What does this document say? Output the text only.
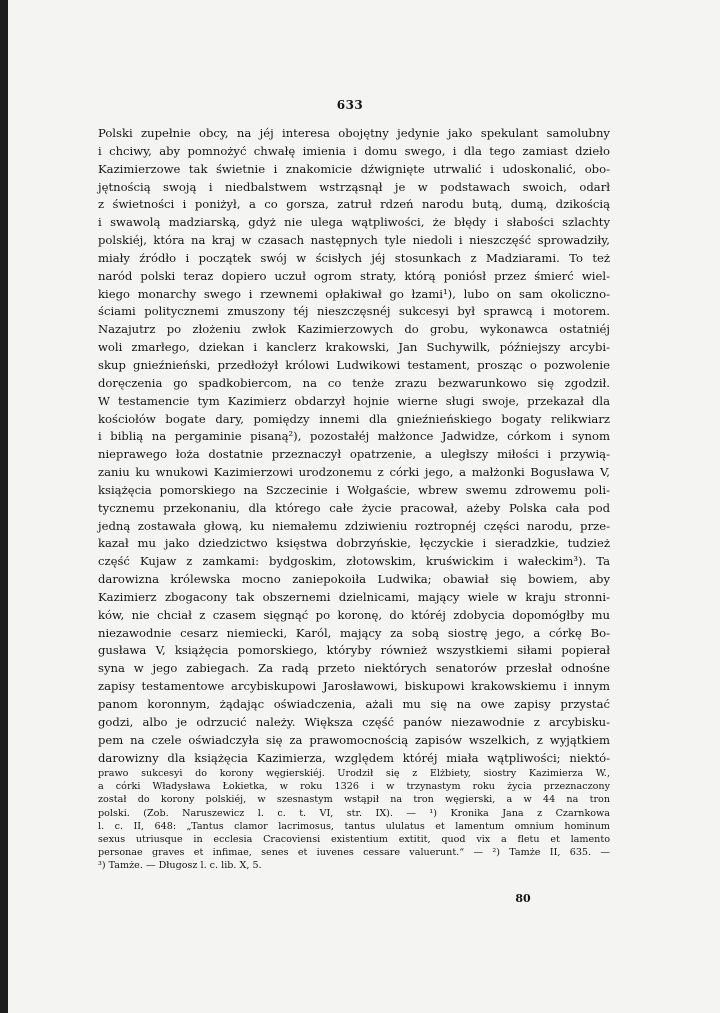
633
Polski zupełnie obcy, na jéj interesa obojętny jedynie jako spekulant samolubny
i chciwy, aby pomnożyć chwałę imienia i domu swego, i dla tego zamiast dzieło
Kazimierzowe tak świetnie i znakomicie dźwignięte utrwalić i udoskonalić, obo-
jętnością swoją i niedbalstwem wstrząsnął je w podstawach swoich, odarł
z świetności i poniżył, a co gorsza, zatruł rdzeń narodu butą, dumą, dzikością
i swawolą madziarską, gdyż nie ulega wątpliwości, że błędy i słabości szlachty
polskiéj, która na kraj w czasach następnych tyle niedoli i nieszczęść sprowadziły,
miały źródło i początek swój w ścisłych jéj stosunkach z Madziarami. To też
naród polski teraz dopiero uczuł ogrom straty, którą poniósł przez śmierć wiel-
kiego monarchy swego i rzewnemi opłakiwał go łzami¹), lubo on sam okoliczno-
ściami politycznemi zmuszony téj nieszczęsnéj sukcesyi był sprawcą i motorem.
Nazajutrz po złożeniu zwłok Kazimierzowych do grobu, wykonawca ostatniéj
woli zmarłego, dziekan i kanclerz krakowski, Jan Suchywilk, późniejszy arcybi-
skup gnieźnieński, przedłożył królowi Ludwikowi testament, prosząc o pozwolenie
doręczenia go spadkobiercom, na co tenże zrazu bezwarunkowo się zgodził.
W testamencie tym Kazimierz obdarzył hojnie wierne sługi swoje, przekazał dla
kościołów bogate dary, pomiędzy innemi dla gnieźnieńskiego bogaty relikwiarz
i biblią na pergaminie pisaną²), pozostałéj małżonce Jadwidze, córkom i synom
nieprawego łoża dostatnie przeznaczył opatrzenie, a uległszy miłości i przywią-
zaniu ku wnukowi Kazimierzowi urodzonemu z córki jego, a małżonki Bogusława V,
książęcia pomorskiego na Szczecinie i Wołgaście, wbrew swemu zdrowemu poli-
tycznemu przekonaniu, dla którego całe życie pracował, ażeby Polska cała pod
jedną zostawała głową, ku niemałemu zdziwieniu roztropnéj części narodu, prze-
kazał mu jako dziedzictwo księstwa dobrzyńskie, łęczyckie i sieradzkie, tudzież
część Kujaw z zamkami: bydgoskim, złotowskim, kruświckim i wałeckim³). Ta
darowizna królewska mocno zaniepokoiła Ludwika; obawiał się bowiem, aby
Kazimierz zbogacony tak obszernemi dzielnicami, mający wiele w kraju stronni-
ków, nie chciał z czasem sięgnąć po koronę, do któréj zdobycia dopomógłby mu
niezawodnie cesarz niemiecki, Karól, mający za sobą siostrę jego, a córkę Bo-
gusława V, książęcia pomorskiego, któryby również wszystkiemi siłami popierał
syna w jego zabiegach. Za radą przeto niektórych senatorów przesłał odnośne
zapisy testamentowe arcybiskupowi Jarosławowi, biskupowi krakowskiemu i innym
panom koronnym, żądając oświadczenia, ażali mu się na owe zapisy przystać
godzi, albo je odrzucić należy. Większa część panów niezawodnie z arcybisku-
pem na czele oświadczyła się za prawomocnością zapisów wszelkich, z wyjątkiem
darowizny dla książęcia Kazimierza, względem któréj miała wątpliwości; niektó-
prawo sukcesyi do korony węgierskiéj. Urodził się z Elżbiety, siostry Kazimierza W.,
a córki Władysława Łokietka, w roku 1326 i w trzynastym roku życia przeznaczony
został do korony polskiéj, w szesnastym wstąpił na tron węgierski, a w 44 na tron
polski. (Zob. Naruszewicz l. c. t. VI, str. IX). — ¹) Kronika Jana z Czarnkowa
l. c. II, 648: „Tantus clamor lacrimosus, tantus ululatus et lamentum omnium hominum
sexus utriusque in ecclesia Cracoviensi existentium extitit, quod vix a fletu et lamento
personae graves et infimae, senes et iuvenes cessare valuerunt.“ — ²) Tamże II, 635. —
³) Tamże. — Długosz l. c. lib. X, 5.
80
